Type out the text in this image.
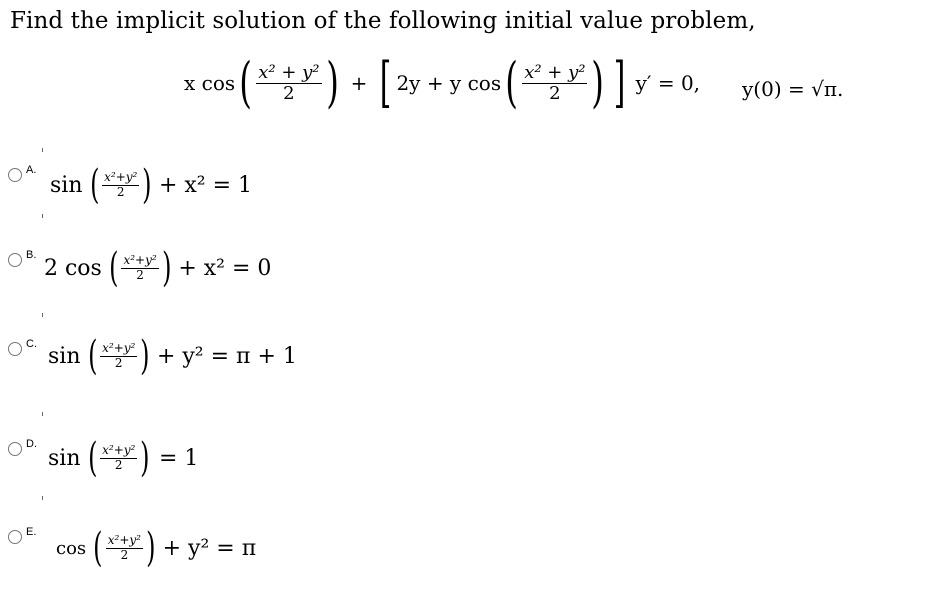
Find the implicit solution of the following initial value problem,
x cos ( $\frac{\text{x² + y²}}{2}$ ) + [ 2y + y cos ( $\frac{\text{x² + y²}}{2}$ ) ] y′ = 0, y(0) = √π.
A.
sin ( $\frac{\text{x²+y²}}{2}$ ) + x² = 1
B.
2 cos ( $\frac{\text{x²+y²}}{2}$ ) + x² = 0
C. sin ( $\frac{\text{x²+y²}}{2}$ ) + y² = π + 1
D.
sin ( $\frac{\text{x²+y²}}{2}$ ) = 1
E.
cos ( $\frac{\text{x²+y²}}{2}$ ) + y² = π
